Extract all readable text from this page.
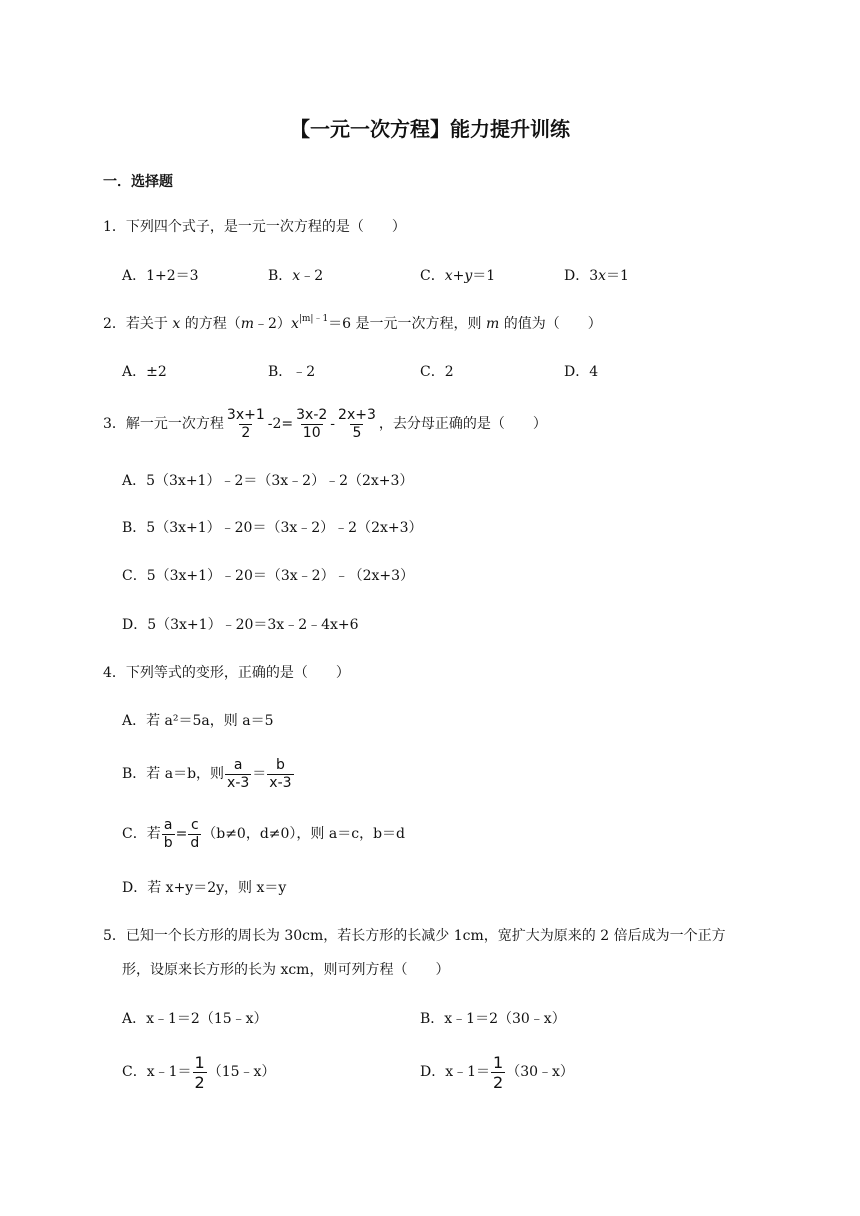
【一元一次方程】能力提升训练
一．选择题
1．下列四个式子，是一元一次方程的是（　　）
A．1+2＝3	B．x﹣2	C．x+y＝1	D．3x＝1
2．若关于 x 的方程$(m﹣2)x^{|m|﹣1}=6$ 是一元一次方程，则 m 的值为（　　）
A．±2	B．﹣2	C．2	D．4
3．解一元一次方程 $\frac{3x+1}{2} -2= \frac{3x-2}{10} - \frac{2x+3}{5}$ ，去分母正确的是（　　）
A．5（3x+1）﹣2＝（3x﹣2）﹣2（2x+3）
B．5（3x+1）﹣20＝（3x﹣2）﹣2（2x+3）
C．5（3x+1）﹣20＝（3x﹣2）﹣（2x+3）
D．5（3x+1）﹣20＝3x﹣2﹣4x+6
4．下列等式的变形，正确的是（　　）
A．若 a²＝5a，则 a＝5
B．若 a＝b，则 $\frac{a}{x-3} = \frac{b}{x-3}$
C．若 $\frac{a}{b} = \frac{c}{d} (b\ne 0$，d≠0），则 a＝c，b＝d
D．若 x+y＝2y，则 x＝y
5．已知一个长方形的周长为 30cm，若长方形的长减少 1cm，宽扩大为原来的 2 倍后成为一个正方
形，设原来长方形的长为 xcm，则可列方程（　　）
A．x﹣1＝2（15﹣x）	B．x﹣1＝2（30﹣x）
C．x﹣1＝ $\frac{1}{2}$ （15﹣x）	D．x﹣1＝ $\frac{1}{2}$ （30﹣x）
